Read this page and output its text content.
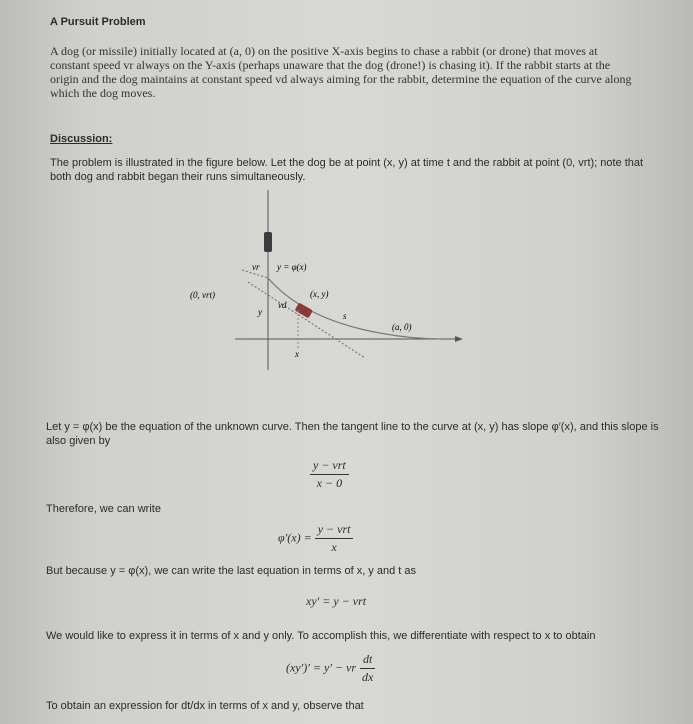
A Pursuit Problem
A dog (or missile) initially located at (a, 0) on the positive X-axis begins to chase a rabbit (or drone) that moves at constant speed vr always on the Y-axis (perhaps unaware that the dog (drone!) is chasing it). If the rabbit starts at the origin and the dog maintains at constant speed vd always aiming for the rabbit, determine the equation of the curve along which the dog moves.
Discussion:
The problem is illustrated in the figure below. Let the dog be at point (x, y) at time t and the rabbit at point (0, vrt); note that both dog and rabbit began their runs simultaneously.
vr y = φ(x)
(0, vrt)	(x, y)
vd
y	s
(a, 0)
x
Let y = φ(x) be the equation of the unknown curve. Then the tangent line to the curve at (x, y) has slope φ′(x), and this slope is also given by
$\frac{\text{y − vrt}}{x - 0}$
Therefore, we can write
$\varphi'(x) = \frac{\text{y − vrt}}{x}$
But because y = φ(x), we can write the last equation in terms of x, y and t as
xy′ = y − vrt
We would like to express it in terms of x and y only. To accomplish this, we differentiate with respect to x to obtain
(xy′)′ = y′ − vr $\frac{dt}{dx}$
To obtain an expression for dt/dx in terms of x and y, observe that
